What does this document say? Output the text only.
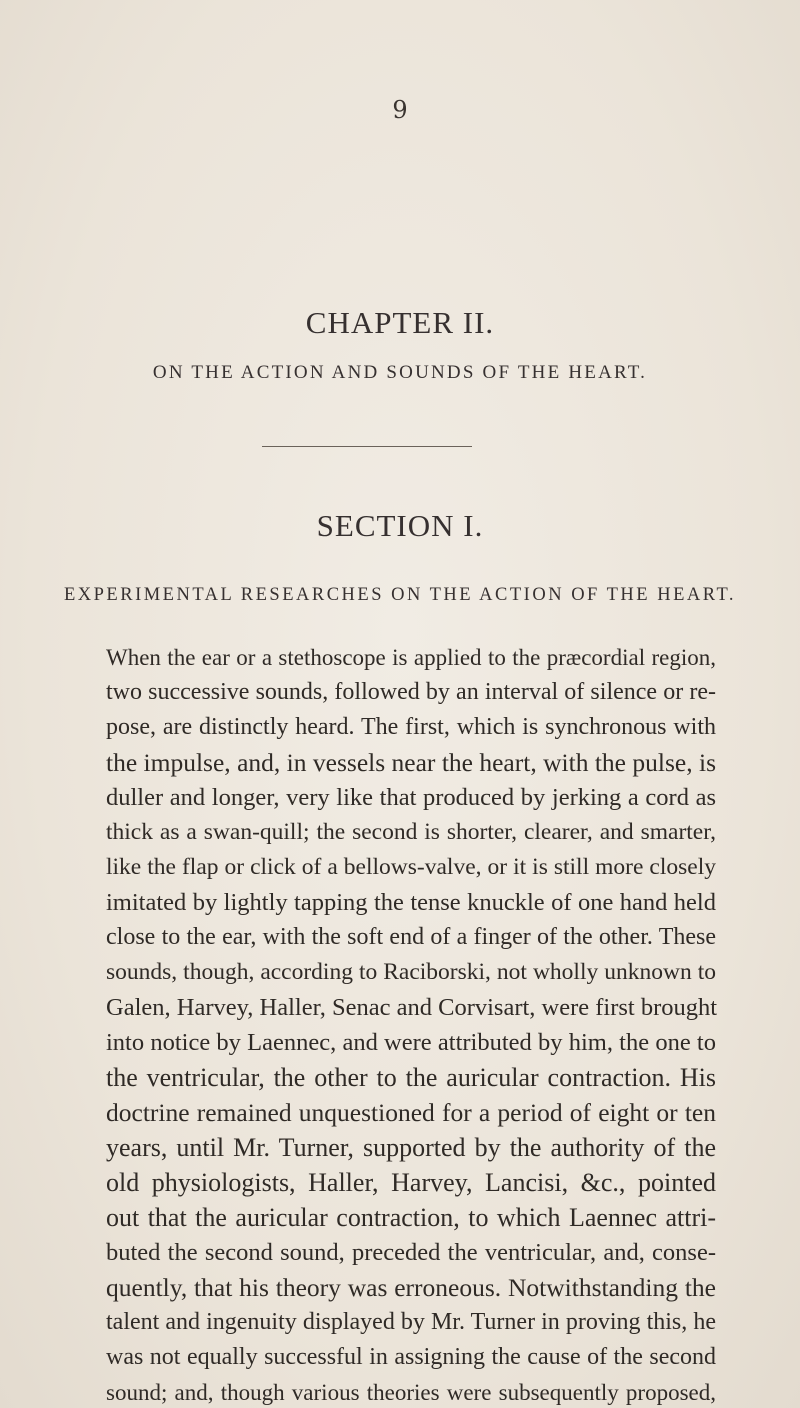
9
CHAPTER II.
ON THE ACTION AND SOUNDS OF THE HEART.
SECTION I.
EXPERIMENTAL RESEARCHES ON THE ACTION OF THE HEART.
When the ear or a stethoscope is applied to the præcordial region,
two successive sounds, followed by an interval of silence or re-
pose, are distinctly heard. The first, which is synchronous with
the impulse, and, in vessels near the heart, with the pulse, is
duller and longer, very like that produced by jerking a cord as
thick as a swan-quill; the second is shorter, clearer, and smarter,
like the flap or click of a bellows-valve, or it is still more closely
imitated by lightly tapping the tense knuckle of one hand held
close to the ear, with the soft end of a finger of the other. These
sounds, though, according to Raciborski, not wholly unknown to
Galen, Harvey, Haller, Senac and Corvisart, were first brought
into notice by Laennec, and were attributed by him, the one to
the ventricular, the other to the auricular contraction. His
doctrine remained unquestioned for a period of eight or ten
years, until Mr. Turner, supported by the authority of the
old physiologists, Haller, Harvey, Lancisi, &c., pointed
out that the auricular contraction, to which Laennec attri-
buted the second sound, preceded the ventricular, and, conse-
quently, that his theory was erroneous. Notwithstanding the
talent and ingenuity displayed by Mr. Turner in proving this, he
was not equally successful in assigning the cause of the second
sound; and, though various theories were subsequently proposed,
